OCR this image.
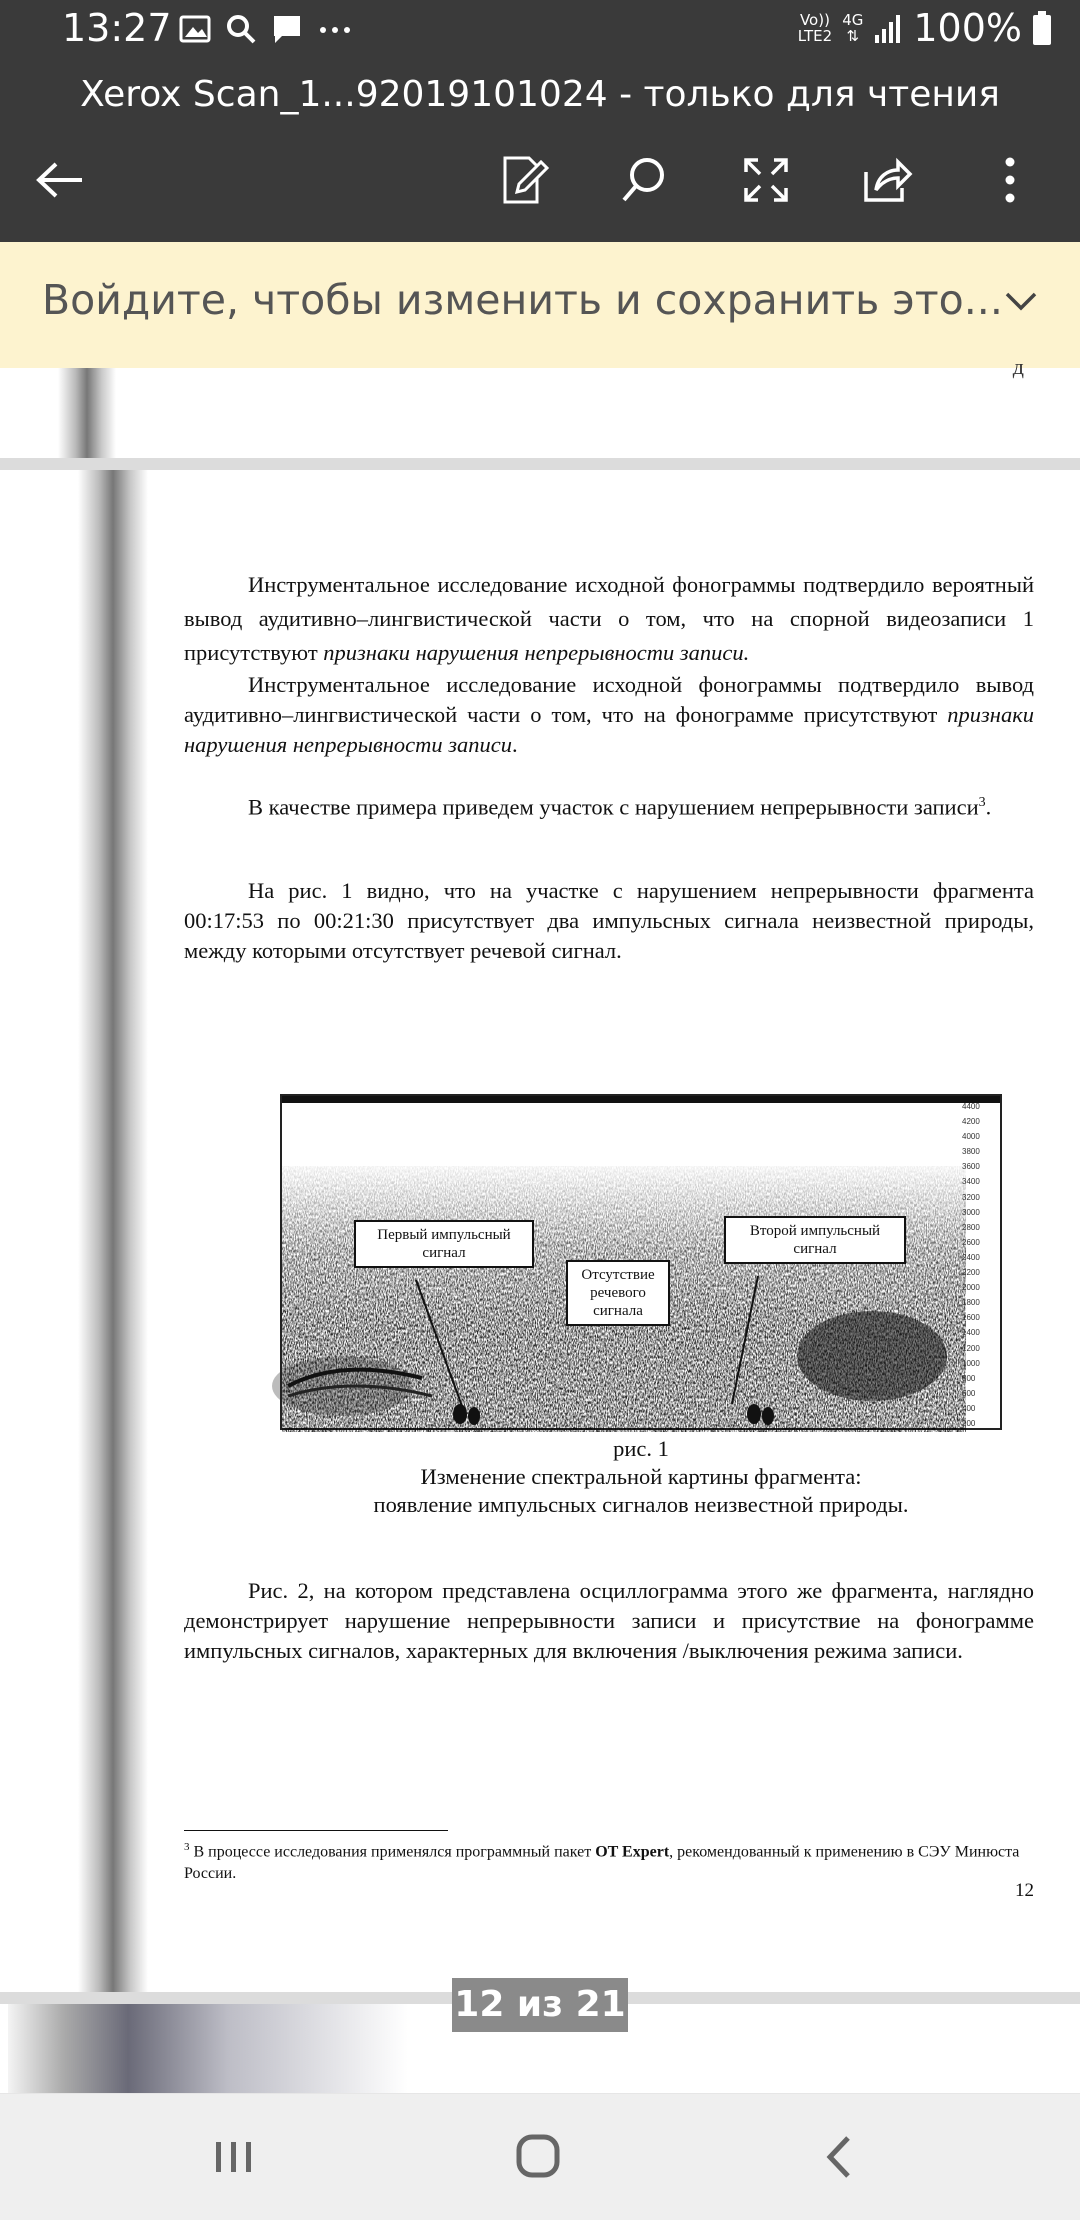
13:27	Vo))
LTE2
4G
⇅ 100%
Xerox Scan_1...92019101024 - только для чтения
Войдите, чтобы изменить и сохранить это...
д

Инструментальное исследование исходной фонограммы подтвердило вероятный вывод аудитивно–лингвистической части о том, что на спорной видеозаписи 1 присутствуют признаки нарушения непрерывности записи.

Инструментальное исследование исходной фонограммы подтвердило вывод аудитивно–лингвистической части о том, что на фонограмме присутствуют признаки нарушения непрерывности записи.

В качестве примера приведем участок с нарушением непрерывности записи$^3$.

На рис. 1 видно, что на участке с нарушением непрерывности фрагмента 00:17:53 по 00:21:30 присутствует два импульсных сигнала неизвестной природы, между которыми отсутствует речевой сигнал.

4400
4200
4000
3800
3600
3400
3200
3000
2800
2600
2400
2200
2000
1800
1600
1400
1200
1000
800
600
400
200
Первый импульсный сигнал
Отсутствие речевого сигнала
Второй импульсный сигнал
рис. 1
Изменение спектральной картины фрагмента:
появление импульсных сигналов неизвестной природы.

Рис. 2, на котором представлена осциллограмма этого же фрагмента, наглядно демонстрирует нарушение непрерывности записи и присутствие на фонограмме импульсных сигналов, характерных для включения /выключения режима записи.

$^3$ В процессе исследования применялся программный пакет OT Expert, рекомендованный к применению в СЭУ Минюста России.
12
12 из 21
